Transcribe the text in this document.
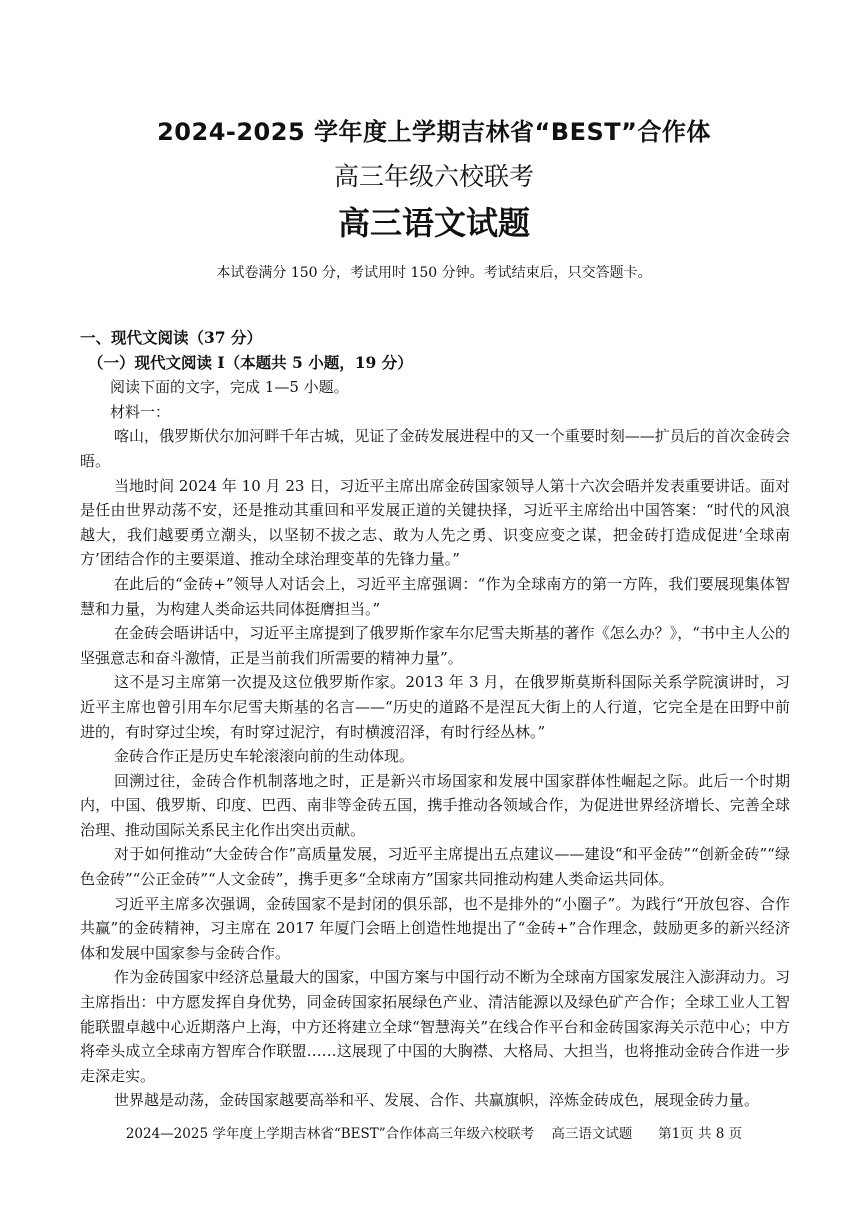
2024-2025 学年度上学期吉林省“BEST”合作体
高三年级六校联考
高三语文试题
本试卷满分 150 分，考试用时 150 分钟。考试结束后，只交答题卡。

一、现代文阅读（37 分）

（一）现代文阅读 I（本题共 5 小题，19 分）

阅读下面的文字，完成 1—5 小题。

材料一：

喀山，俄罗斯伏尔加河畔千年古城，见证了金砖发展进程中的又一个重要时刻——扩员后的首次金砖会晤。

当地时间 2024 年 10 月 23 日，习近平主席出席金砖国家领导人第十六次会晤并发表重要讲话。面对是任由世界动荡不安，还是推动其重回和平发展正道的关键抉择，习近平主席给出中国答案：“时代的风浪越大，我们越要勇立潮头，以坚韧不拔之志、敢为人先之勇、识变应变之谋，把金砖打造成促进‘全球南方’团结合作的主要渠道、推动全球治理变革的先锋力量。”

在此后的“金砖+”领导人对话会上，习近平主席强调：“作为全球南方的第一方阵，我们要展现集体智慧和力量，为构建人类命运共同体挺膺担当。”

在金砖会晤讲话中，习近平主席提到了俄罗斯作家车尔尼雪夫斯基的著作《怎么办？》，“书中主人公的坚强意志和奋斗激情，正是当前我们所需要的精神力量”。

这不是习主席第一次提及这位俄罗斯作家。2013 年 3 月，在俄罗斯莫斯科国际关系学院演讲时，习近平主席也曾引用车尔尼雪夫斯基的名言——“历史的道路不是涅瓦大街上的人行道，它完全是在田野中前进的，有时穿过尘埃，有时穿过泥泞，有时横渡沼泽，有时行经丛林。”

金砖合作正是历史车轮滚滚向前的生动体现。

回溯过往，金砖合作机制落地之时，正是新兴市场国家和发展中国家群体性崛起之际。此后一个时期内，中国、俄罗斯、印度、巴西、南非等金砖五国，携手推动各领域合作，为促进世界经济增长、完善全球治理、推动国际关系民主化作出突出贡献。

对于如何推动“大金砖合作”高质量发展，习近平主席提出五点建议——建设“和平金砖”“创新金砖”“绿色金砖”“公正金砖”“人文金砖”，携手更多“全球南方”国家共同推动构建人类命运共同体。

习近平主席多次强调，金砖国家不是封闭的俱乐部，也不是排外的“小圈子”。为践行“开放包容、合作共赢”的金砖精神，习主席在 2017 年厦门会晤上创造性地提出了“金砖+”合作理念，鼓励更多的新兴经济体和发展中国家参与金砖合作。

作为金砖国家中经济总量最大的国家，中国方案与中国行动不断为全球南方国家发展注入澎湃动力。习主席指出：中方愿发挥自身优势，同金砖国家拓展绿色产业、清洁能源以及绿色矿产合作；全球工业人工智能联盟卓越中心近期落户上海，中方还将建立全球“智慧海关”在线合作平台和金砖国家海关示范中心；中方将牵头成立全球南方智库合作联盟……这展现了中国的大胸襟、大格局、大担当，也将推动金砖合作进一步走深走实。

世界越是动荡，金砖国家越要高举和平、发展、合作、共赢旗帜，淬炼金砖成色，展现金砖力量。

2024—2025 学年度上学期吉林省“BEST”合作体高三年级六校联考 高三语文试题 第1页 共 8 页
